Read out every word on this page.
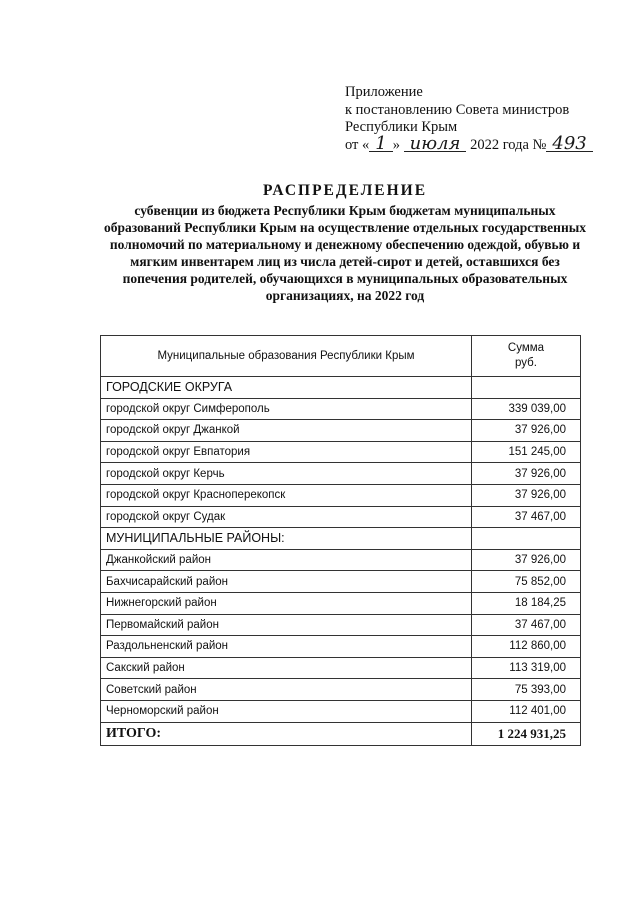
Приложение
к постановлению Совета министров
Республики Крым
от « 1 » июля 2022 года № 493
РАСПРЕДЕЛЕНИЕ
субвенции из бюджета Республики Крым бюджетам муниципальных образований Республики Крым на осуществление отдельных государственных полномочий по материальному и денежному обеспечению одеждой, обувью и мягким инвентарем лиц из числа детей-сирот и детей, оставшихся без попечения родителей, обучающихся в муниципальных образовательных организациях, на 2022 год
Муниципальные образования Республики Крым	Сумма
руб.
ГОРОДСКИЕ ОКРУГА	
городской округ Симферополь	339 039,00
городской округ Джанкой	37 926,00
городской округ Евпатория	151 245,00
городской округ Керчь	37 926,00
городской округ Красноперекопск	37 926,00
городской округ Судак	37 467,00
МУНИЦИПАЛЬНЫЕ РАЙОНЫ:	
Джанкойский район	37 926,00
Бахчисарайский район	75 852,00
Нижнегорский район	18 184,25
Первомайский район	37 467,00
Раздольненский район	112 860,00
Сакский район	113 319,00
Советский район	75 393,00
Черноморский район	112 401,00
ИТОГО:	1 224 931,25
